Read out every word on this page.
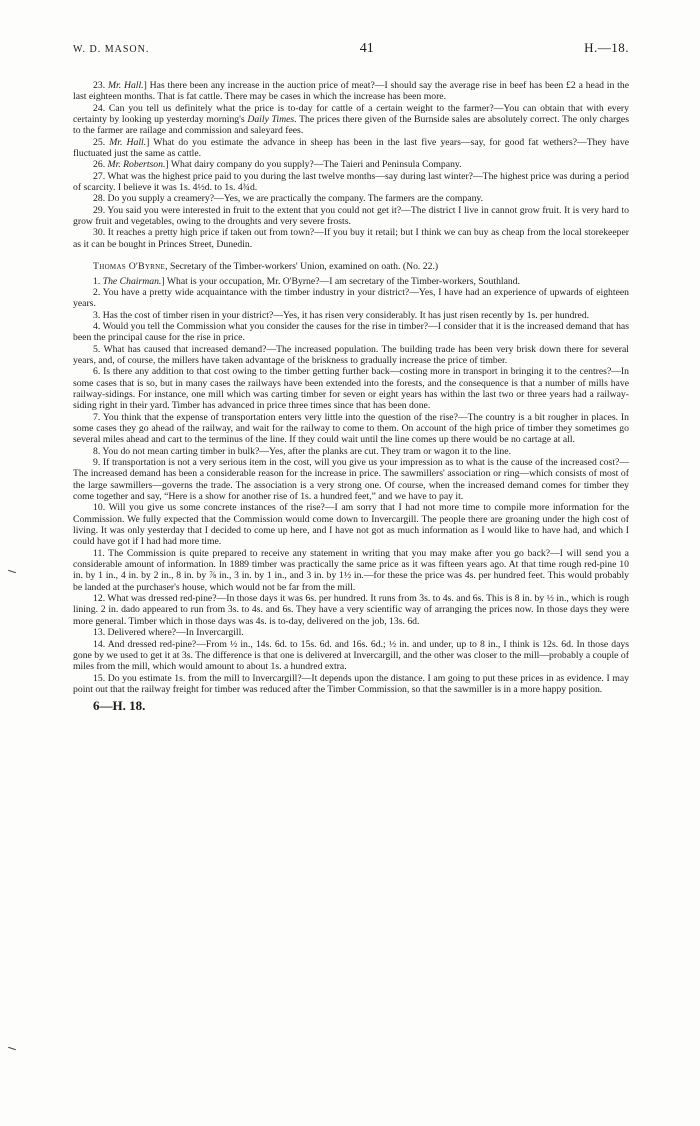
W. D. MASON.	41	H.—18.

23. Mr. Hall.] Has there been any increase in the auction price of meat?—I should say the average rise in beef has been £2 a head in the last eighteen months. That is fat cattle. There may be cases in which the increase has been more.

24. Can you tell us definitely what the price is to-day for cattle of a certain weight to the farmer?—You can obtain that with every certainty by looking up yesterday morning's Daily Times. The prices there given of the Burnside sales are absolutely correct. The only charges to the farmer are railage and commission and saleyard fees.

25. Mr. Hall.] What do you estimate the advance in sheep has been in the last five years—say, for good fat wethers?—They have fluctuated just the same as cattle.

26. Mr. Robertson.] What dairy company do you supply?—The Taieri and Peninsula Company.

27. What was the highest price paid to you during the last twelve months—say during last winter?—The highest price was during a period of scarcity. I believe it was 1s. 4½d. to 1s. 4¾d.

28. Do you supply a creamery?—Yes, we are practically the company. The farmers are the company.

29. You said you were interested in fruit to the extent that you could not get it?—The district I live in cannot grow fruit. It is very hard to grow fruit and vegetables, owing to the droughts and very severe frosts.

30. It reaches a pretty high price if taken out from town?—If you buy it retail; but I think we can buy as cheap from the local storekeeper as it can be bought in Princes Street, Dunedin.

Thomas O'Byrne, Secretary of the Timber-workers' Union, examined on oath. (No. 22.)

1. The Chairman.] What is your occupation, Mr. O'Byrne?—I am secretary of the Timber-workers, Southland.

2. You have a pretty wide acquaintance with the timber industry in your district?—Yes, I have had an experience of upwards of eighteen years.

3. Has the cost of timber risen in your district?—Yes, it has risen very considerably. It has just risen recently by 1s. per hundred.

4. Would you tell the Commission what you consider the causes for the rise in timber?—I consider that it is the increased demand that has been the principal cause for the rise in price.

5. What has caused that increased demand?—The increased population. The building trade has been very brisk down there for several years, and, of course, the millers have taken advantage of the briskness to gradually increase the price of timber.

6. Is there any addition to that cost owing to the timber getting further back—costing more in transport in bringing it to the centres?—In some cases that is so, but in many cases the railways have been extended into the forests, and the consequence is that a number of mills have railway-sidings. For instance, one mill which was carting timber for seven or eight years has within the last two or three years had a railway-siding right in their yard. Timber has advanced in price three times since that has been done.

7. You think that the expense of transportation enters very little into the question of the rise?—The country is a bit rougher in places. In some cases they go ahead of the railway, and wait for the railway to come to them. On account of the high price of timber they sometimes go several miles ahead and cart to the terminus of the line. If they could wait until the line comes up there would be no cartage at all.

8. You do not mean carting timber in bulk?—Yes, after the planks are cut. They tram or wagon it to the line.

9. If transportation is not a very serious item in the cost, will you give us your impression as to what is the cause of the increased cost?—The increased demand has been a considerable reason for the increase in price. The sawmillers' association or ring—which consists of most of the large sawmillers—governs the trade. The association is a very strong one. Of course, when the increased demand comes for timber they come together and say, “Here is a show for another rise of 1s. a hundred feet,” and we have to pay it.

10. Will you give us some concrete instances of the rise?—I am sorry that I had not more time to compile more information for the Commission. We fully expected that the Commission would come down to Invercargill. The people there are groaning under the high cost of living. It was only yesterday that I decided to come up here, and I have not got as much information as I would like to have had, and which I could have got if I had had more time.

11. The Commission is quite prepared to receive any statement in writing that you may make after you go back?—I will send you a considerable amount of information. In 1889 timber was practically the same price as it was fifteen years ago. At that time rough red-pine 10 in. by 1 in., 4 in. by 2 in., 8 in. by ⅞ in., 3 in. by 1 in., and 3 in. by 1½ in.—for these the price was 4s. per hundred feet. This would probably be landed at the purchaser's house, which would not be far from the mill.

12. What was dressed red-pine?—In those days it was 6s. per hundred. It runs from 3s. to 4s. and 6s. This is 8 in. by ½ in., which is rough lining. 2 in. dado appeared to run from 3s. to 4s. and 6s. They have a very scientific way of arranging the prices now. In those days they were more general. Timber which in those days was 4s. is to-day, delivered on the job, 13s. 6d.

13. Delivered where?—In Invercargill.

14. And dressed red-pine?—From ½ in., 14s. 6d. to 15s. 6d. and 16s. 6d.; ½ in. and under, up to 8 in., I think is 12s. 6d. In those days gone by we used to get it at 3s. The difference is that one is delivered at Invercargill, and the other was closer to the mill—probably a couple of miles from the mill, which would amount to about 1s. a hundred extra.

15. Do you estimate 1s. from the mill to Invercargill?—It depends upon the distance. I am going to put these prices in as evidence. I may point out that the railway freight for timber was reduced after the Timber Commission, so that the sawmiller is in a more happy position.

6—H. 18.
